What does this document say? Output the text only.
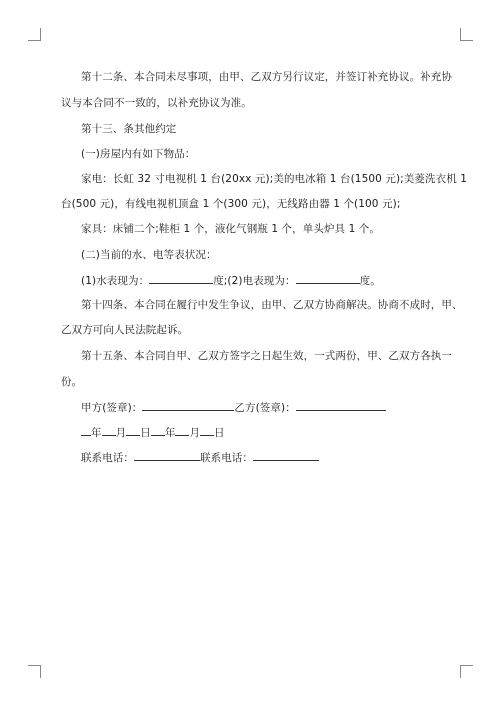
第十二条、本合同未尽事项，由甲、乙双方另行议定，并签订补充协议。补充协
议与本合同不一致的，以补充协议为准。
第十三、条其他约定
(一)房屋内有如下物品：
家电：长虹 32 寸电视机 1 台(20xx 元);美的电冰箱 1 台(1500 元);美菱洗衣机 1
台(500 元)，有线电视机顶盒 1 个(300 元)，无线路由器 1 个(100 元);
家具：床铺二个;鞋柜 1 个，液化气钢瓶 1 个，单头炉具 1 个。
(二)当前的水、电等表状况：
(1)水表现为：	度;(2)电表现为：	度。
第十四条、本合同在履行中发生争议，由甲、乙双方协商解决。协商不成时，甲、
乙双方可向人民法院起诉。
第十五条、本合同自甲、乙双方签字之日起生效，一式两份，甲、乙双方各执一
份。
甲方(签章)：	乙方(签章)：
年 月 日 年 月 日
联系电话：	联系电话：
